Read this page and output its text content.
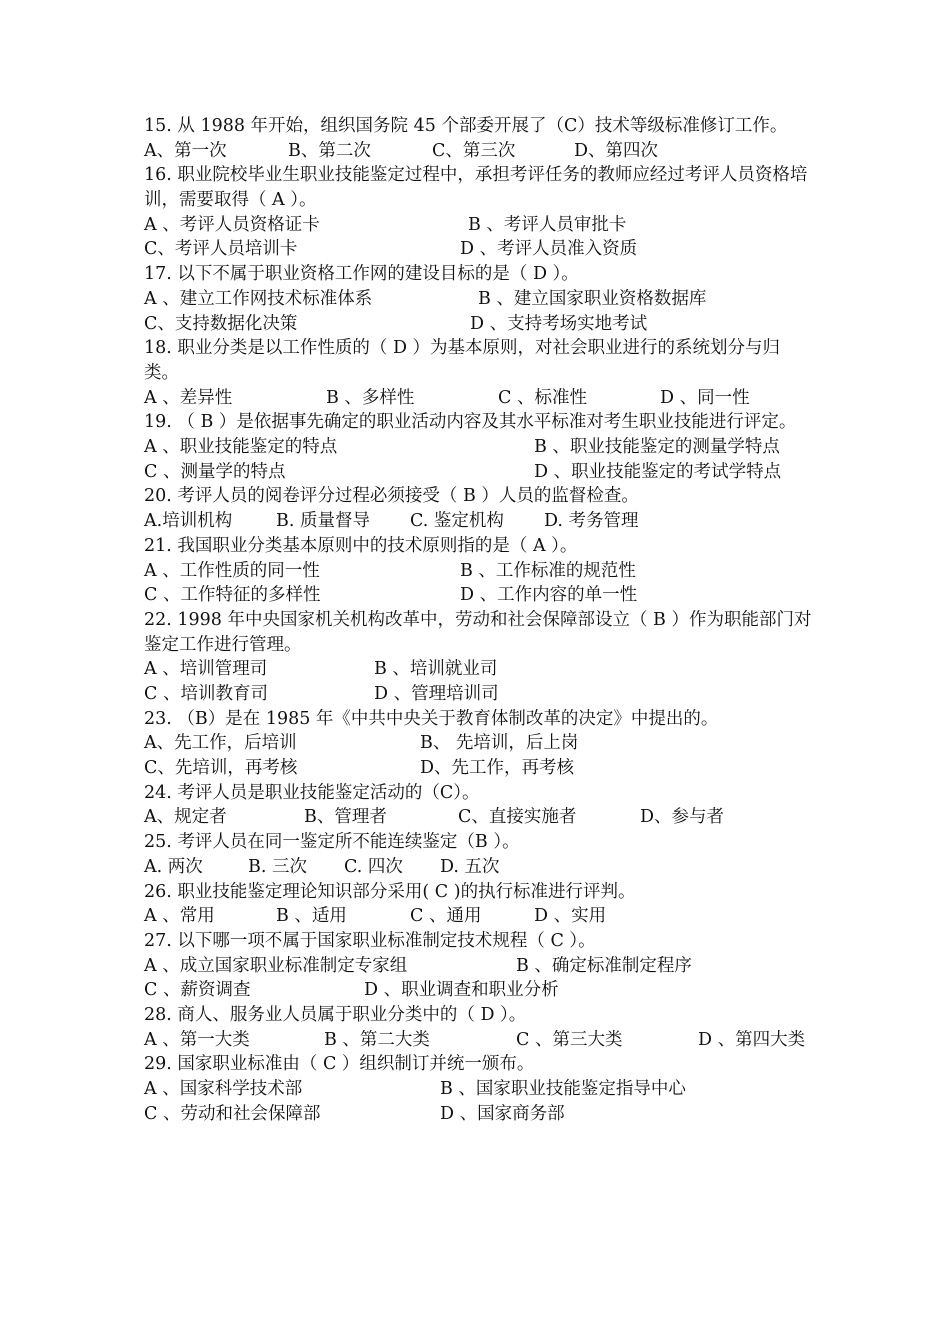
15. 从 1988 年开始，组织国务院 45 个部委开展了（C）技术等级标准修订工作。
A、第一次	B、第二次	C、第三次	D、第四次
16. 职业院校毕业生职业技能鉴定过程中，承担考评任务的教师应经过考评人员资格培训，需要取得（ A ）。
A 、考评人员资格证卡	B 、考评人员审批卡
C、考评人员培训卡	D 、考评人员准入资质
17. 以下不属于职业资格工作网的建设目标的是（ D ）。
A 、建立工作网技术标准体系	B 、建立国家职业资格数据库
C、支持数据化决策	D 、支持考场实地考试
18. 职业分类是以工作性质的（ D ）为基本原则，对社会职业进行的系统划分与归类。
A 、差异性	B 、多样性	C 、标准性	D 、同一性
19. （ B ）是依据事先确定的职业活动内容及其水平标准对考生职业技能进行评定。
A 、职业技能鉴定的特点	B 、职业技能鉴定的测量学特点
C 、测量学的特点	D 、职业技能鉴定的考试学特点
20. 考评人员的阅卷评分过程必须接受（ B ）人员的监督检查。
A.培训机构	B. 质量督导 C. 鉴定机构 D. 考务管理
21. 我国职业分类基本原则中的技术原则指的是（ A ）。
A 、工作性质的同一性	B 、工作标准的规范性
C 、工作特征的多样性	D 、工作内容的单一性
22. 1998 年中央国家机关机构改革中，劳动和社会保障部设立（ B ）作为职能部门对鉴定工作进行管理。
A 、培训管理司	B 、培训就业司
C 、培训教育司	D 、管理培训司
23. （B）是在 1985 年《中共中央关于教育体制改革的决定》中提出的。
A、先工作，后培训	B、 先培训，后上岗
C、先培训，再考核	D、先工作，再考核
24. 考评人员是职业技能鉴定活动的（C）。
A、规定者	B、管理者	C、直接实施者	D、参与者
25. 考评人员在同一鉴定所不能连续鉴定（B ）。
A. 两次	B. 三次 C. 四次 D. 五次
26. 职业技能鉴定理论知识部分采用( C )的执行标准进行评判。
A 、常用	B 、适用	C 、通用	D 、实用
27. 以下哪一项不属于国家职业标准制定技术规程（ C ）。
A 、成立国家职业标准制定专家组	B 、确定标准制定程序
C 、薪资调查	D 、职业调查和职业分析
28. 商人、服务业人员属于职业分类中的（ D ）。
A 、第一大类	B 、第二大类	C 、第三大类	D 、第四大类
29. 国家职业标准由（ C ）组织制订并统一颁布。
A 、国家科学技术部	B 、国家职业技能鉴定指导中心
C 、劳动和社会保障部	D 、国家商务部
